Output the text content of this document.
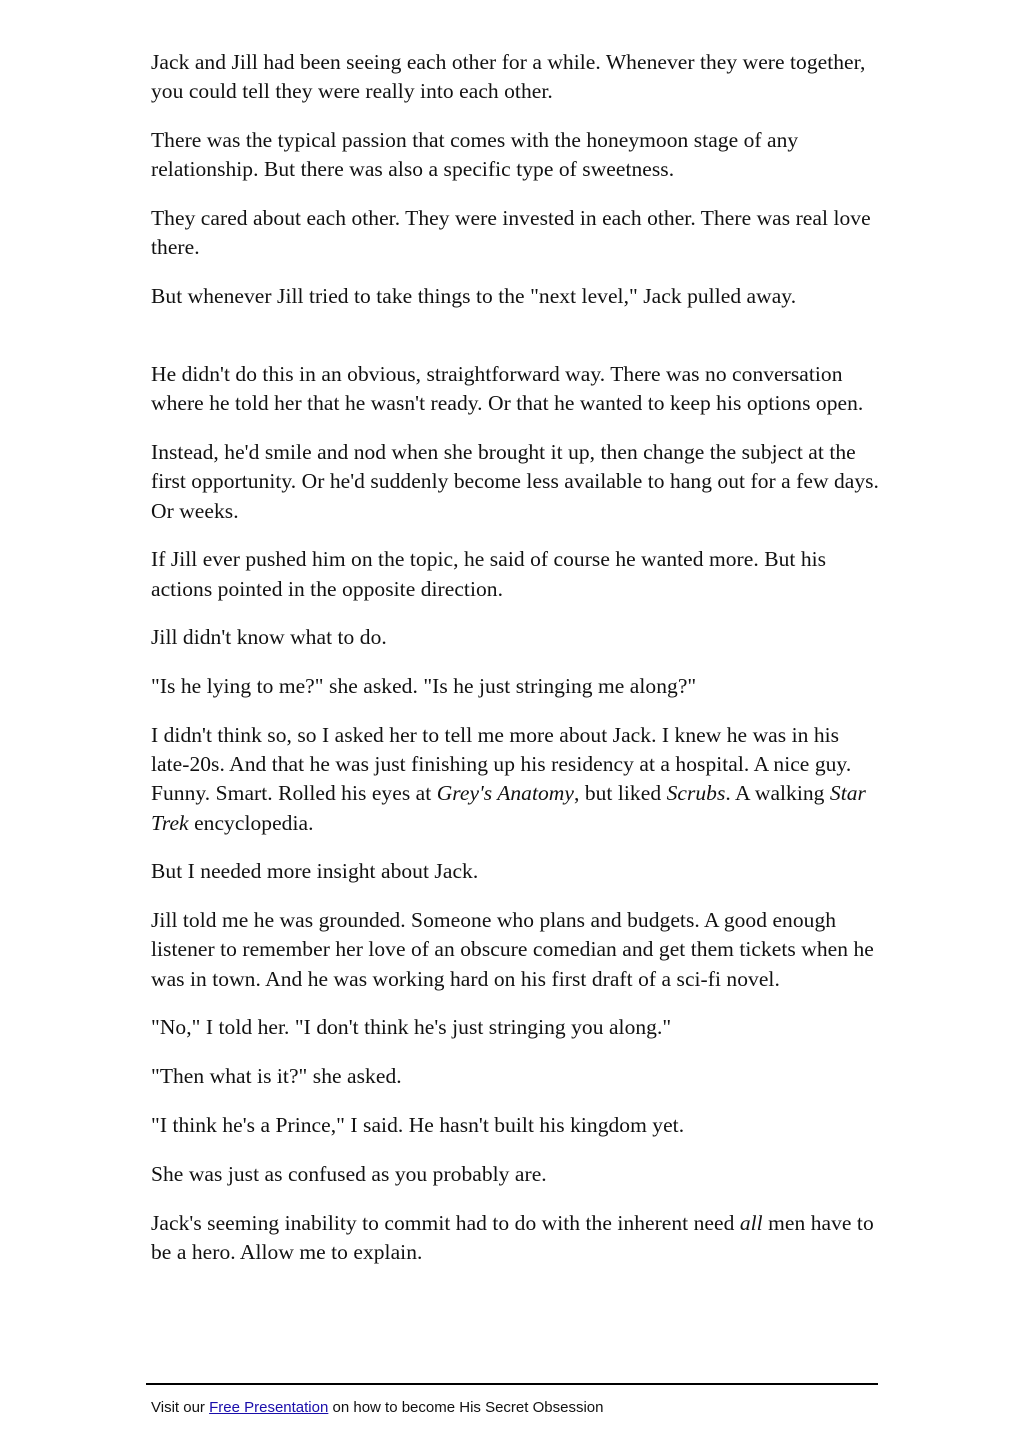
Jack and Jill had been seeing each other for a while. Whenever they were together, you could tell they were really into each other.

There was the typical passion that comes with the honeymoon stage of any relationship. But there was also a specific type of sweetness.

They cared about each other. They were invested in each other. There was real love there.

But whenever Jill tried to take things to the "next level," Jack pulled away.

He didn't do this in an obvious, straightforward way. There was no conversation where he told her that he wasn't ready. Or that he wanted to keep his options open.

Instead, he'd smile and nod when she brought it up, then change the subject at the first opportunity. Or he'd suddenly become less available to hang out for a few days. Or weeks.

If Jill ever pushed him on the topic, he said of course he wanted more. But his actions pointed in the opposite direction.

Jill didn't know what to do.

"Is he lying to me?" she asked. "Is he just stringing me along?"

I didn't think so, so I asked her to tell me more about Jack. I knew he was in his late-20s. And that he was just finishing up his residency at a hospital. A nice guy. Funny. Smart. Rolled his eyes at Grey's Anatomy, but liked Scrubs. A walking Star Trek encyclopedia.

But I needed more insight about Jack.

Jill told me he was grounded. Someone who plans and budgets. A good enough listener to remember her love of an obscure comedian and get them tickets when he was in town. And he was working hard on his first draft of a sci-fi novel.

"No," I told her. "I don't think he's just stringing you along."

"Then what is it?" she asked.

"I think he's a Prince," I said. He hasn't built his kingdom yet.

She was just as confused as you probably are.

Jack's seeming inability to commit had to do with the inherent need all men have to be a hero. Allow me to explain.

Visit our Free Presentation on how to become His Secret Obsession
